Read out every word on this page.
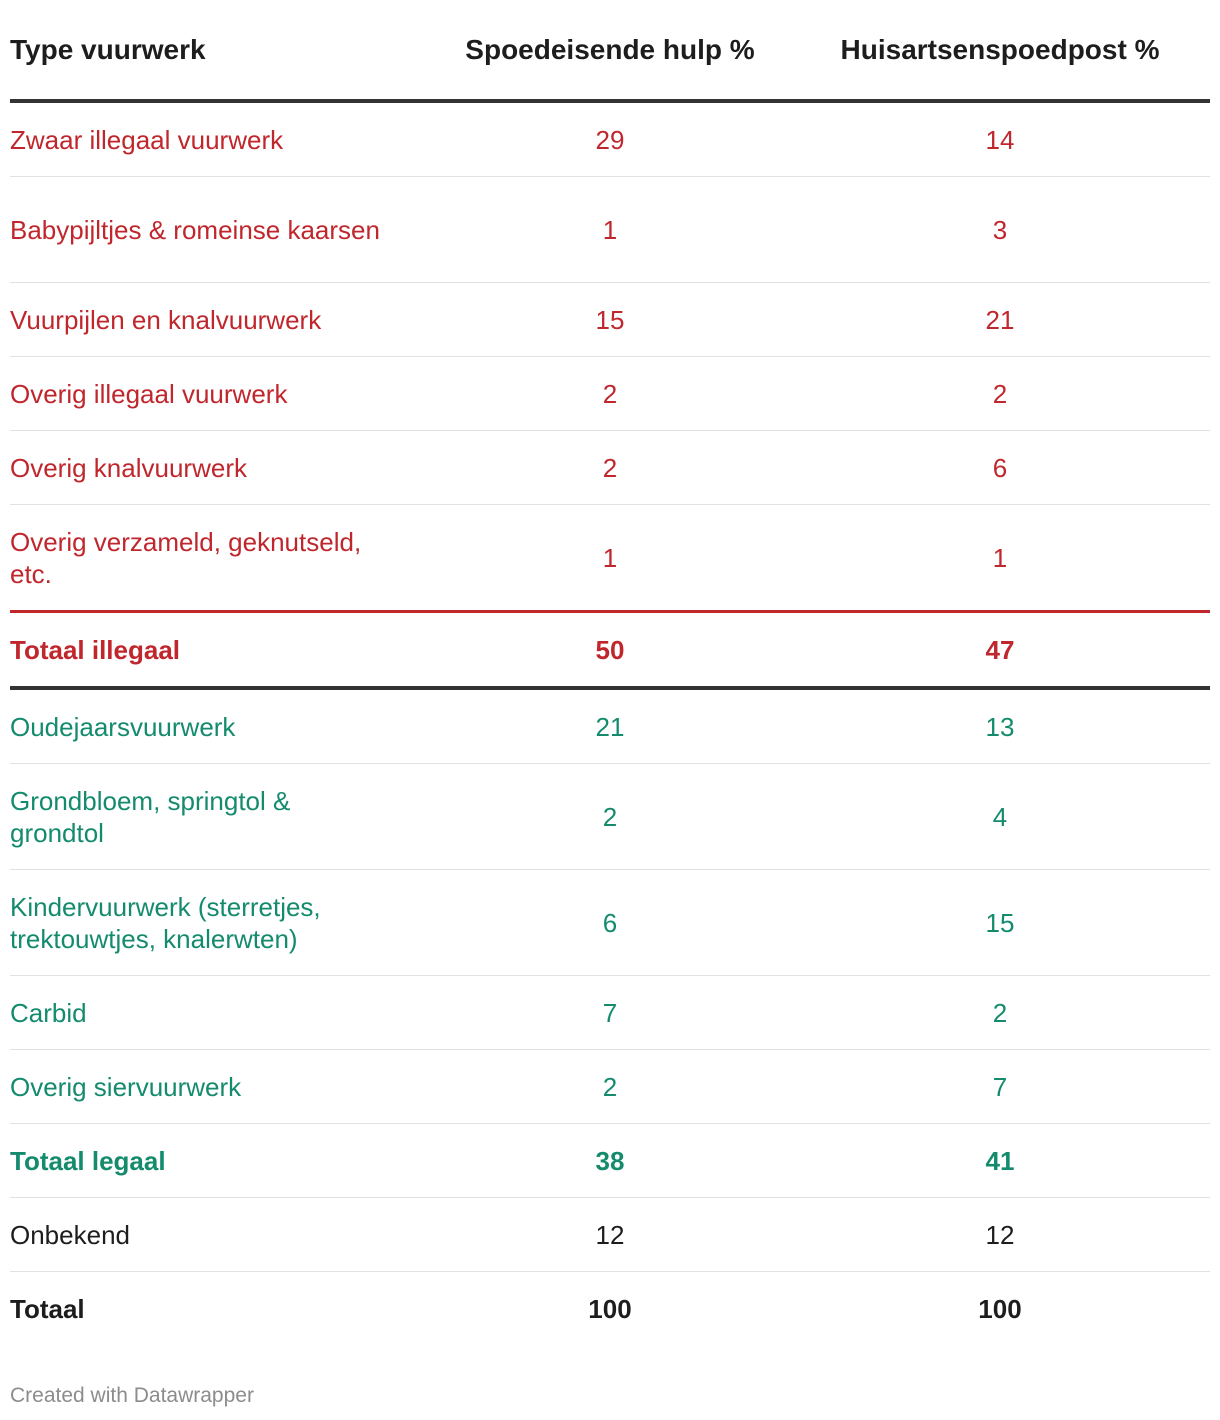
Type vuurwerk	Spoedeisende hulp %	Huisartsenspoedpost %
Zwaar illegaal vuurwerk	29	14
Babypijltjes & romeinse kaarsen	1	3
Vuurpijlen en knalvuurwerk	15	21
Overig illegaal vuurwerk	2	2
Overig knalvuurwerk	2	6
Overig verzameld, geknutseld, etc.	1	1
Totaal illegaal	50	47
Oudejaarsvuurwerk	21	13
Grondbloem, springtol & grondtol	2	4
Kindervuurwerk (sterretjes, trektouwtjes, knalerwten)	6	15
Carbid	7	2
Overig siervuurwerk	2	7
Totaal legaal	38	41
Onbekend	12	12
Totaal	100	100
Created with Datawrapper
